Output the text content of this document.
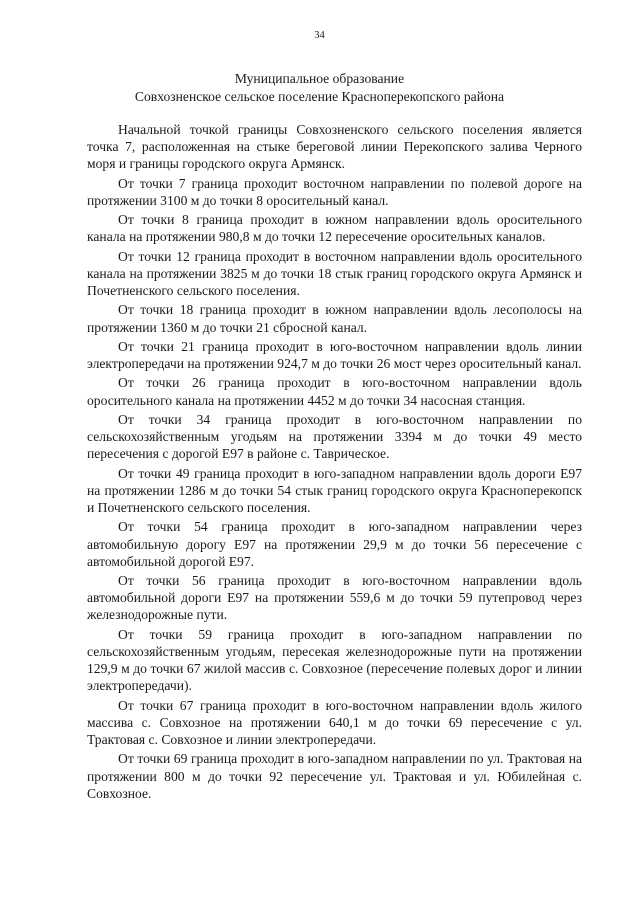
34
Муниципальное образование
Совхозненское сельское поселение Красноперекопского района

Начальной точкой границы Совхозненского сельского поселения является точка 7, расположенная на стыке береговой линии Перекопского залива Черного моря и границы городского округа Армянск.

От точки 7 граница проходит восточном направлении по полевой дороге на протяжении 3100 м до точки 8 оросительный канал.

От точки 8 граница проходит в южном направлении вдоль оросительного канала на протяжении 980,8 м до точки 12 пересечение оросительных каналов.

От точки 12 граница проходит в восточном направлении вдоль оросительного канала на протяжении 3825 м до точки 18 стык границ городского округа Армянск и Почетненского сельского поселения.

От точки 18 граница проходит в южном направлении вдоль лесополосы на протяжении 1360 м до точки 21 сбросной канал.

От точки 21 граница проходит в юго-восточном направлении вдоль линии электропередачи на протяжении 924,7 м до точки 26 мост через оросительный канал.

От точки 26 граница проходит в юго-восточном направлении вдоль оросительного канала на протяжении 4452 м до точки 34 насосная станция.

От точки 34 граница проходит в юго-восточном направлении по сельскохозяйственным угодьям на протяжении 3394 м до точки 49 место пересечения с дорогой Е97 в районе с. Таврическое.

От точки 49 граница проходит в юго-западном направлении вдоль дороги Е97 на протяжении 1286 м до точки 54 стык границ городского округа Красноперекопск и Почетненского сельского поселения.

От точки 54 граница проходит в юго-западном направлении через автомобильную дорогу Е97 на протяжении 29,9 м до точки 56 пересечение с автомобильной дорогой Е97.

От точки 56 граница проходит в юго-восточном направлении вдоль автомобильной дороги Е97 на протяжении 559,6 м до точки 59 путепровод через железнодорожные пути.

От точки 59 граница проходит в юго-западном направлении по сельскохозяйственным угодьям, пересекая железнодорожные пути на протяжении 129,9 м до точки 67 жилой массив с. Совхозное (пересечение полевых дорог и линии электропередачи).

От точки 67 граница проходит в юго-восточном направлении вдоль жилого массива с. Совхозное на протяжении 640,1 м до точки 69 пересечение с ул. Трактовая с. Совхозное и линии электропередачи.

От точки 69 граница проходит в юго-западном направлении по ул. Трактовая на протяжении 800 м до точки 92 пересечение ул. Трактовая и ул. Юбилейная с. Совхозное.
